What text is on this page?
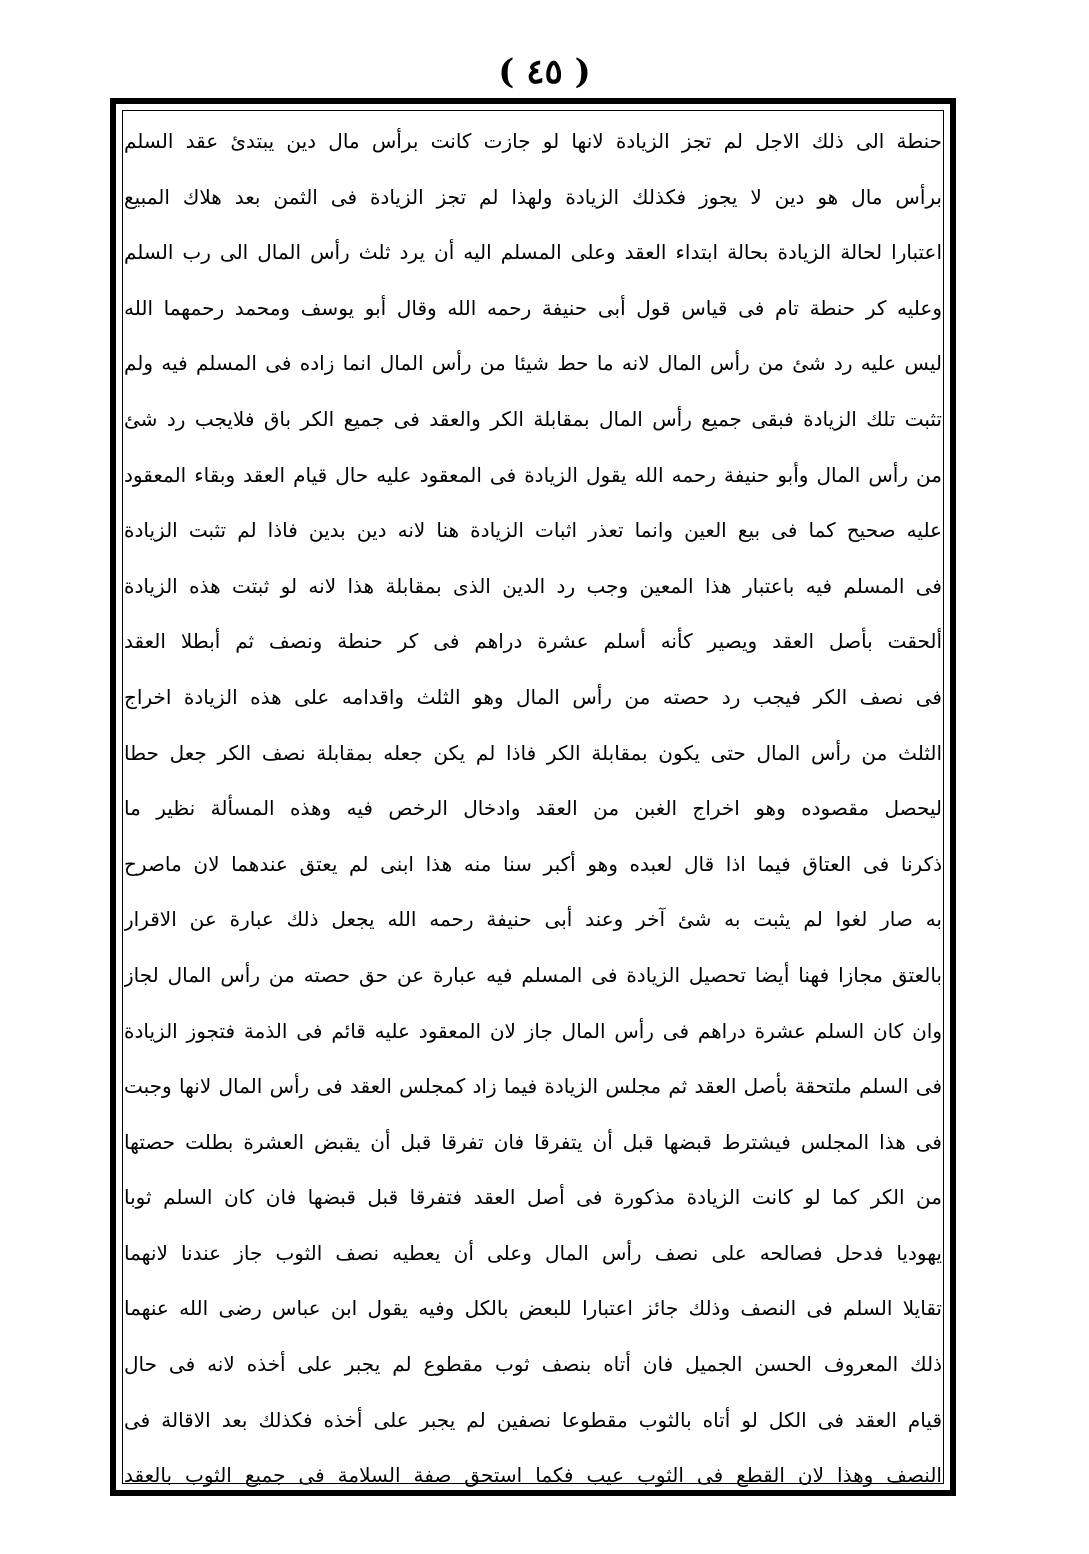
( ٤٥ )
حنطة الى ذلك الاجل لم تجز الزيادة لانها لو جازت كانت برأس مال دين يبتدئ عقد السلم
برأس مال هو دين لا يجوز فكذلك الزيادة ولهذا لم تجز الزيادة فى الثمن بعد هلاك المبيع
اعتبارا لحالة الزيادة بحالة ابتداء العقد وعلى المسلم اليه أن يرد ثلث رأس المال الى رب السلم
وعليه كر حنطة تام فى قياس قول أبى حنيفة رحمه الله وقال أبو يوسف ومحمد رحمهما الله
ليس عليه رد شئ من رأس المال لانه ما حط شيئا من رأس المال انما زاده فى المسلم فيه ولم
تثبت تلك الزيادة فبقى جميع رأس المال بمقابلة الكر والعقد فى جميع الكر باق فلايجب رد شئ
من رأس المال وأبو حنيفة رحمه الله يقول الزيادة فى المعقود عليه حال قيام العقد وبقاء المعقود
عليه صحيح كما فى بيع العين وانما تعذر اثبات الزيادة هنا لانه دين بدين فاذا لم تثبت الزيادة
فى المسلم فيه باعتبار هذا المعين وجب رد الدين الذى بمقابلة هذا لانه لو ثبتت هذه الزيادة
ألحقت بأصل العقد ويصير كأنه أسلم عشرة دراهم فى كر حنطة ونصف ثم أبطلا العقد
فى نصف الكر فيجب رد حصته من رأس المال وهو الثلث واقدامه على هذه الزيادة اخراج
الثلث من رأس المال حتى يكون بمقابلة الكر فاذا لم يكن جعله بمقابلة نصف الكر جعل حطا
ليحصل مقصوده وهو اخراج الغبن من العقد وادخال الرخص فيه وهذه المسألة نظير ما
ذكرنا فى العتاق فيما اذا قال لعبده وهو أكبر سنا منه هذا ابنى لم يعتق عندهما لان ماصرح
به صار لغوا لم يثبت به شئ آخر وعند أبى حنيفة رحمه الله يجعل ذلك عبارة عن الاقرار
بالعتق مجازا فهنا أيضا تحصيل الزيادة فى المسلم فيه عبارة عن حق حصته من رأس المال لجاز
وان كان السلم عشرة دراهم فى رأس المال جاز لان المعقود عليه قائم فى الذمة فتجوز الزيادة
فى السلم ملتحقة بأصل العقد ثم مجلس الزيادة فيما زاد كمجلس العقد فى رأس المال لانها وجبت
فى هذا المجلس فيشترط قبضها قبل أن يتفرقا فان تفرقا قبل أن يقبض العشرة بطلت حصتها
من الكر كما لو كانت الزيادة مذكورة فى أصل العقد فتفرقا قبل قبضها فان كان السلم ثوبا
يهوديا فدحل فصالحه على نصف رأس المال وعلى أن يعطيه نصف الثوب جاز عندنا لانهما
تقايلا السلم فى النصف وذلك جائز اعتبارا للبعض بالكل وفيه يقول ابن عباس رضى الله عنهما
ذلك المعروف الحسن الجميل فان أتاه بنصف ثوب مقطوع لم يجبر على أخذه لانه فى حال
قيام العقد فى الكل لو أتاه بالثوب مقطوعا نصفين لم يجبر على أخذه فكذلك بعد الاقالة فى
النصف وهذا لان القطع فى الثوب عيب فكما استحق صفة السلامة فى جميع الثوب بالعقد
